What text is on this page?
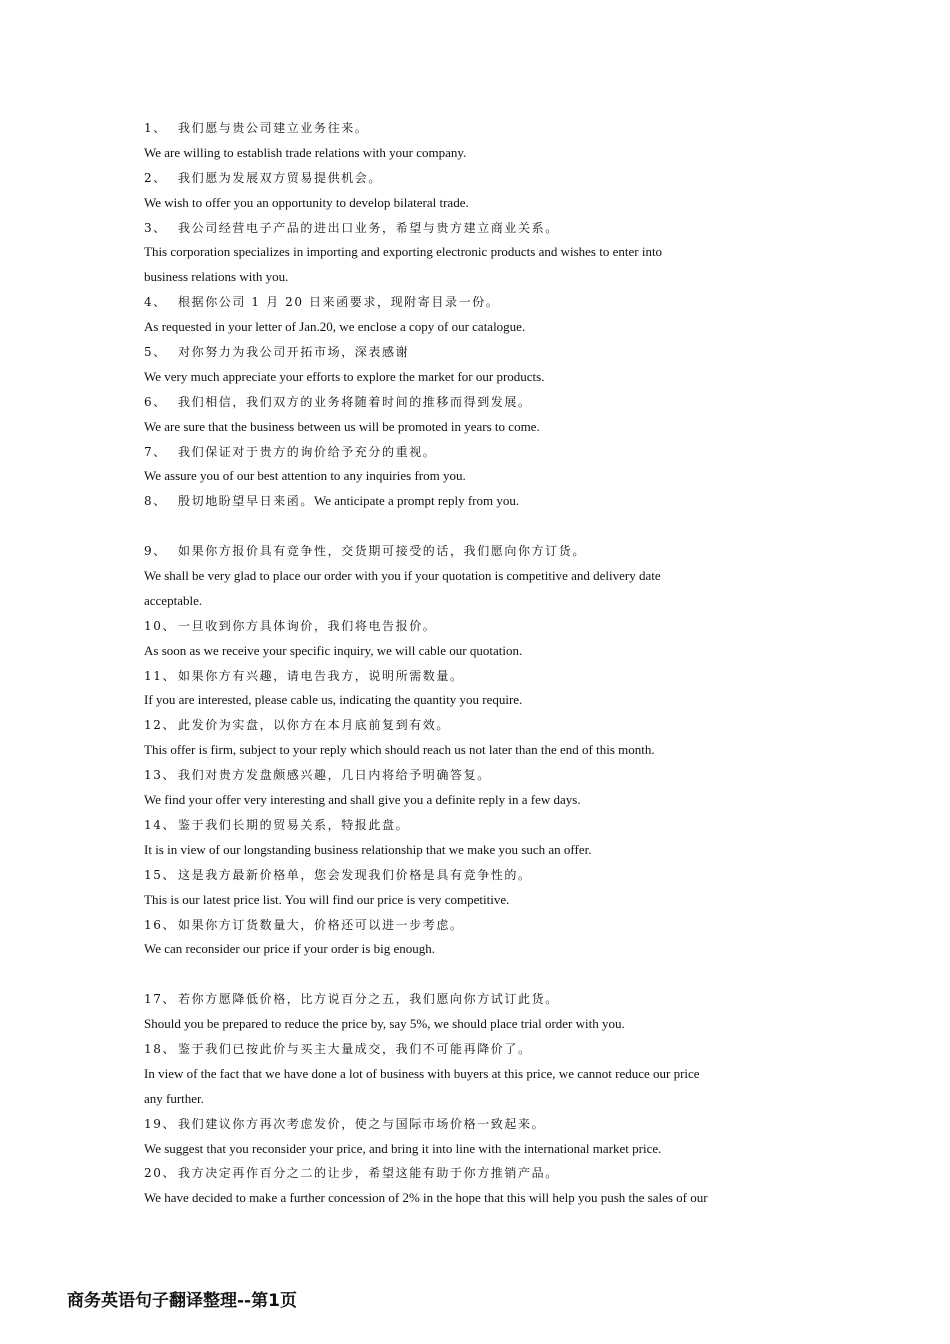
1、 我们愿与贵公司建立业务往来。
We are willing to establish trade relations with your company.
2、 我们愿为发展双方贸易提供机会。
We wish to offer you an opportunity to develop bilateral trade.
3、 我公司经营电子产品的进出口业务，希望与贵方建立商业关系。
This corporation specializes in importing and exporting electronic products and wishes to enter into
business relations with you.
4、 根据你公司 1 月 20 日来函要求，现附寄目录一份。
As requested in your letter of Jan.20, we enclose a copy of our catalogue.
5、 对你努力为我公司开拓市场，深表感谢
We very much appreciate your efforts to explore the market for our products.
6、 我们相信，我们双方的业务将随着时间的推移而得到发展。
We are sure that the business between us will be promoted in years to come.
7、 我们保证对于贵方的询价给予充分的重视。
We assure you of our best attention to any inquiries from you.
8、 殷切地盼望早日来函。We anticipate a prompt reply from you.
9、 如果你方报价具有竞争性，交货期可接受的话，我们愿向你方订货。
We shall be very glad to place our order with you if your quotation is competitive and delivery date
acceptable.
10、 一旦收到你方具体询价，我们将电告报价。
As soon as we receive your specific inquiry, we will cable our quotation.
11、 如果你方有兴趣，请电告我方，说明所需数量。
If you are interested, please cable us, indicating the quantity you require.
12、 此发价为实盘，以你方在本月底前复到有效。
This offer is firm, subject to your reply which should reach us not later than the end of this month.
13、 我们对贵方发盘颇感兴趣，几日内将给予明确答复。
We find your offer very interesting and shall give you a definite reply in a few days.
14、 鉴于我们长期的贸易关系，特报此盘。
It is in view of our longstanding business relationship that we make you such an offer.
15、 这是我方最新价格单，您会发现我们价格是具有竞争性的。
This is our latest price list. You will find our price is very competitive.
16、 如果你方订货数量大，价格还可以进一步考虑。
We can reconsider our price if your order is big enough.
17、 若你方愿降低价格，比方说百分之五，我们愿向你方试订此货。
Should you be prepared to reduce the price by, say 5%, we should place trial order with you.
18、 鉴于我们已按此价与买主大量成交，我们不可能再降价了。
In view of the fact that we have done a lot of business with buyers at this price, we cannot reduce our price
any further.
19、 我们建议你方再次考虑发价，使之与国际市场价格一致起来。
We suggest that you reconsider your price, and bring it into line with the international market price.
20、 我方决定再作百分之二的让步，希望这能有助于你方推销产品。
We have decided to make a further concession of 2% in the hope that this will help you push the sales of our
商务英语句子翻译整理--第1页
